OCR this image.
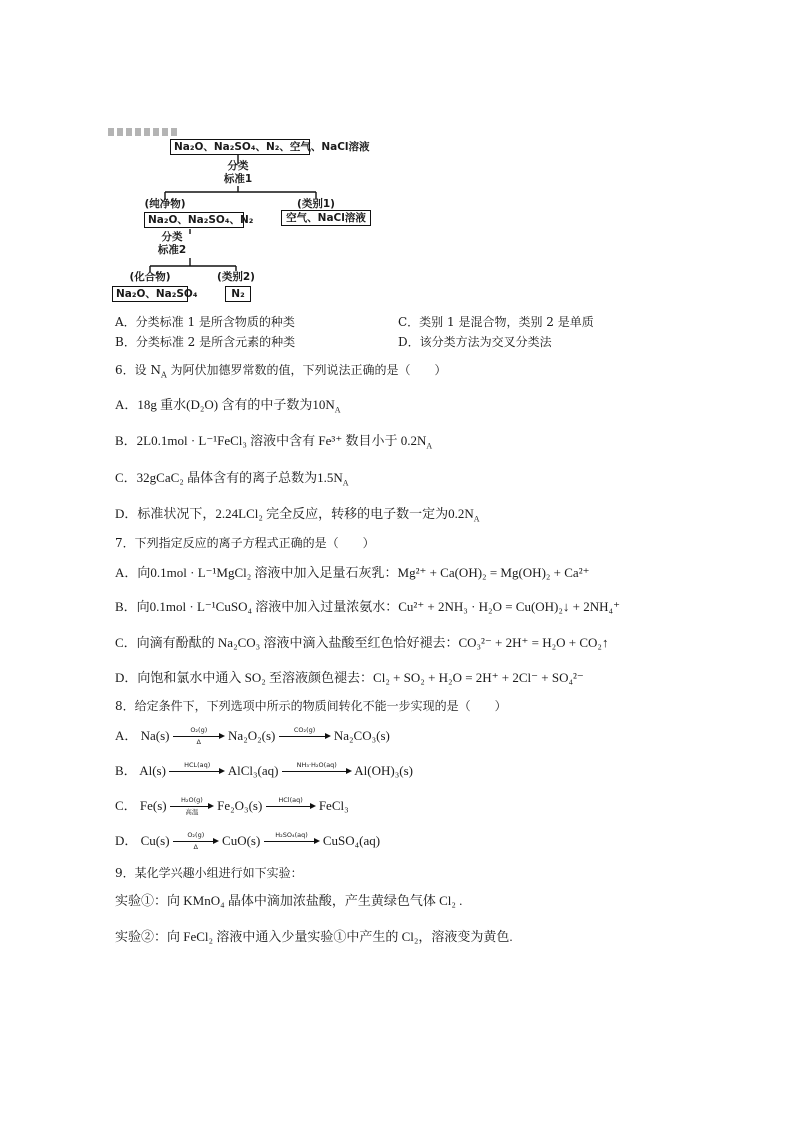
Na₂O、Na₂SO₄、N₂、空气、NaCl溶液
分类
标准1
(纯净物)
Na₂O、Na₂SO₄、N₂
(类别1)
空气、NaCl溶液
分类
标准2
(化合物)
Na₂O、Na₂SO₄
(类别2)
N₂
A．分类标准 1 是所含物质的种类	C．类别 1 是混合物，类别 2 是单质
B．分类标准 2 是所含元素的种类	D．该分类方法为交叉分类法
6．设 $N_A$ 为阿伏加德罗常数的值，下列说法正确的是（　　）
A．18g 重水(D₂O) 含有的中子数为$10N_A$
B．2L0.1mol · L⁻¹FeCl₃ 溶液中含有 Fe³⁺ 数目小于 $0.2N_A$
C．32gCaC₂ 晶体含有的离子总数为$1.5N_A$
D．标准状况下，2.24LCl₂ 完全反应，转移的电子数一定为$0.2N_A$
7．下列指定反应的离子方程式正确的是（　　）
A．向0.1mol · L⁻¹MgCl₂ 溶液中加入足量石灰乳：Mg²⁺ + Ca(OH)₂ = Mg(OH)₂ + Ca²⁺
B．向0.1mol · L⁻¹CuSO₄ 溶液中加入过量浓氨水：Cu²⁺ + 2NH₃ · H₂O = Cu(OH)₂↓ + 2NH₄⁺
C．向滴有酚酞的 Na₂CO₃ 溶液中滴入盐酸至红色恰好褪去：CO₃²⁻ + 2H⁺ = H₂O + CO₂↑
D．向饱和氯水中通入 SO₂ 至溶液颜色褪去：Cl₂ + SO₂ + H₂O = 2H⁺ + 2Cl⁻ + SO₄²⁻
8．给定条件下，下列选项中所示的物质间转化不能一步实现的是（　　）
A． $Na(s) \frac{\text{O₂(g)}}{\Delta} Na_2O_2(s)$	CO₂(g)	Na₂CO₃(s)
B． Al(s)	HCL(aq)	AlCl₃(aq)	NH₃·H₂O(aq)	Al(OH)₃(s)
C． Fe(s)	H₂O(g)
高温	Fe₂O₃(s)	HCl(aq)	FeCl₃
D． $Cu(s) \frac{\text{O₂(g)}}{\Delta} CuO(s)$	H₂SO₄(aq)	CuSO₄(aq)
9．某化学兴趣小组进行如下实验：
实验①：向 KMnO₄ 晶体中滴加浓盐酸，产生黄绿色气体 Cl₂ .
实验②：向 FeCl₂ 溶液中通入少量实验①中产生的 Cl₂，溶液变为黄色.
